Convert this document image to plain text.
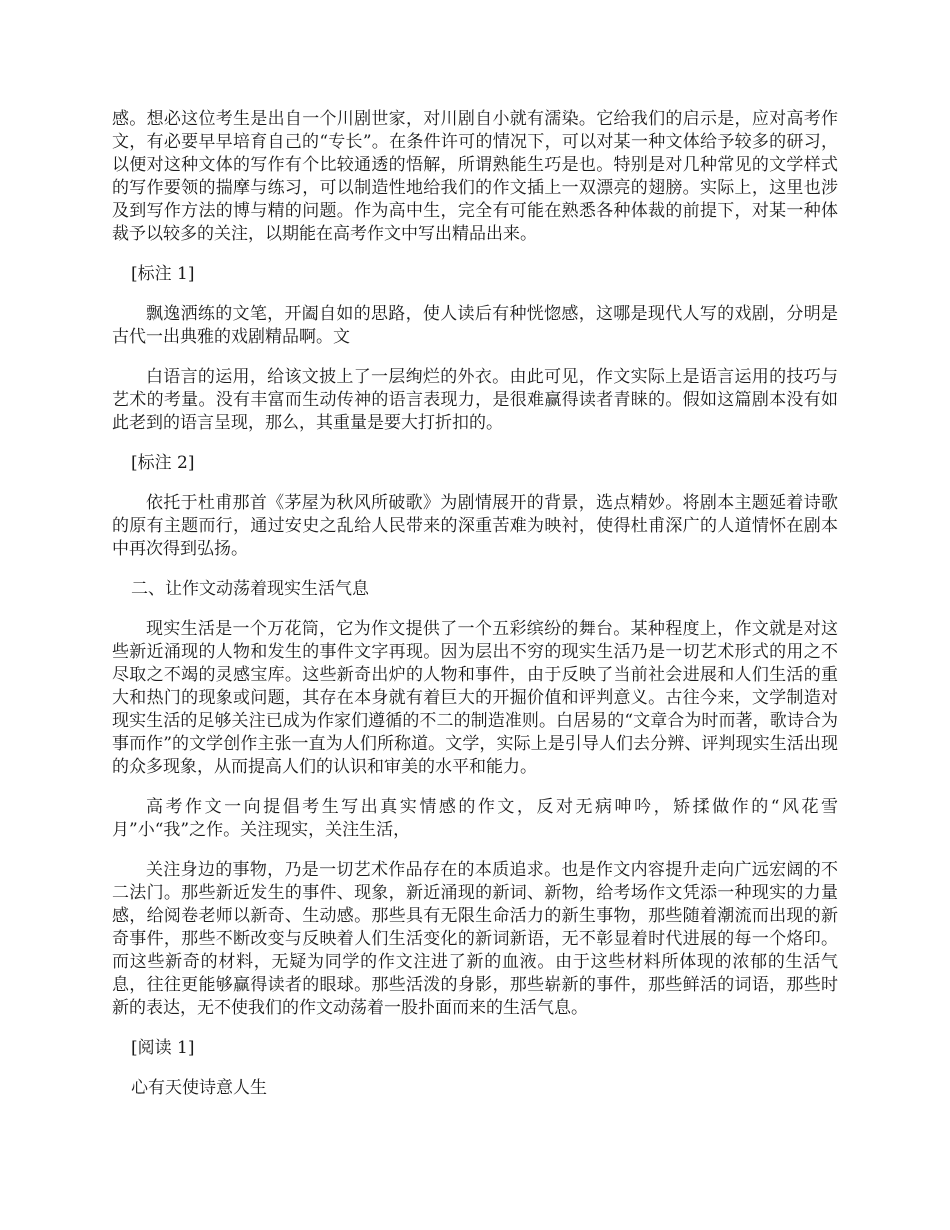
感。想必这位考生是出自一个川剧世家，对川剧自小就有濡染。它给我们的启示是，应对高考作文，有必要早早培育自己的“专长”。在条件许可的情况下，可以对某一种文体给予较多的研习，以便对这种文体的写作有个比较通透的悟解，所谓熟能生巧是也。特别是对几种常见的文学样式的写作要领的揣摩与练习，可以制造性地给我们的作文插上一双漂亮的翅膀。实际上，这里也涉及到写作方法的博与精的问题。作为高中生，完全有可能在熟悉各种体裁的前提下，对某一种体裁予以较多的关注，以期能在高考作文中写出精品出来。

[标注 1]

飘逸洒练的文笔，开阖自如的思路，使人读后有种恍惚感，这哪是现代人写的戏剧，分明是古代一出典雅的戏剧精品啊。文

白语言的运用，给该文披上了一层绚烂的外衣。由此可见，作文实际上是语言运用的技巧与艺术的考量。没有丰富而生动传神的语言表现力，是很难赢得读者青睐的。假如这篇剧本没有如此老到的语言呈现，那么，其重量是要大打折扣的。

[标注 2]

依托于杜甫那首《茅屋为秋风所破歌》为剧情展开的背景，选点精妙。将剧本主题延着诗歌的原有主题而行，通过安史之乱给人民带来的深重苦难为映衬，使得杜甫深广的人道情怀在剧本中再次得到弘扬。

二、让作文动荡着现实生活气息

现实生活是一个万花筒，它为作文提供了一个五彩缤纷的舞台。某种程度上，作文就是对这些新近涌现的人物和发生的事件文字再现。因为层出不穷的现实生活乃是一切艺术形式的用之不尽取之不竭的灵感宝库。这些新奇出炉的人物和事件，由于反映了当前社会进展和人们生活的重大和热门的现象或问题，其存在本身就有着巨大的开掘价值和评判意义。古往今来，文学制造对现实生活的足够关注已成为作家们遵循的不二的制造准则。白居易的“文章合为时而著，歌诗合为事而作”的文学创作主张一直为人们所称道。文学，实际上是引导人们去分辨、评判现实生活出现的众多现象，从而提高人们的认识和审美的水平和能力。

高考作文一向提倡考生写出真实情感的作文，反对无病呻吟，矫揉做作的“风花雪月”小“我”之作。关注现实，关注生活，

关注身边的事物，乃是一切艺术作品存在的本质追求。也是作文内容提升走向广远宏阔的不二法门。那些新近发生的事件、现象，新近涌现的新词、新物，给考场作文凭添一种现实的力量感，给阅卷老师以新奇、生动感。那些具有无限生命活力的新生事物，那些随着潮流而出现的新奇事件，那些不断改变与反映着人们生活变化的新词新语，无不彰显着时代进展的每一个烙印。而这些新奇的材料，无疑为同学的作文注进了新的血液。由于这些材料所体现的浓郁的生活气息，往往更能够赢得读者的眼球。那些活泼的身影，那些崭新的事件，那些鲜活的词语，那些时新的表达，无不使我们的作文动荡着一股扑面而来的生活气息。

[阅读 1]

心有天使诗意人生
